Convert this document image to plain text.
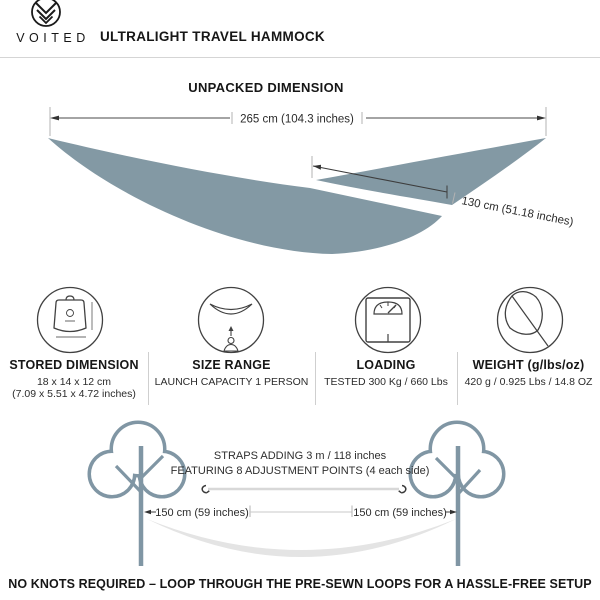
VOITED ULTRALIGHT TRAVEL HAMMOCK
UNPACKED DIMENSION
265 cm (104.3 inches)
130 cm (51.18 inches)
STORED DIMENSION
18 x 14 x 12 cm
(7.09 x 5.51 x 4.72 inches)
SIZE RANGE
LAUNCH CAPACITY 1 PERSON
LOADING
TESTED 300 Kg / 660 Lbs
WEIGHT (g/lbs/oz)
420 g / 0.925 Lbs / 14.8 OZ
150 cm (59 inches)	150 cm (59 inches)
STRAPS ADDING 3 m / 118 inches
FEATURING 8 ADJUSTMENT POINTS (4 each side)
NO KNOTS REQUIRED – LOOP THROUGH THE PRE-SEWN LOOPS FOR A HASSLE-FREE SETUP
